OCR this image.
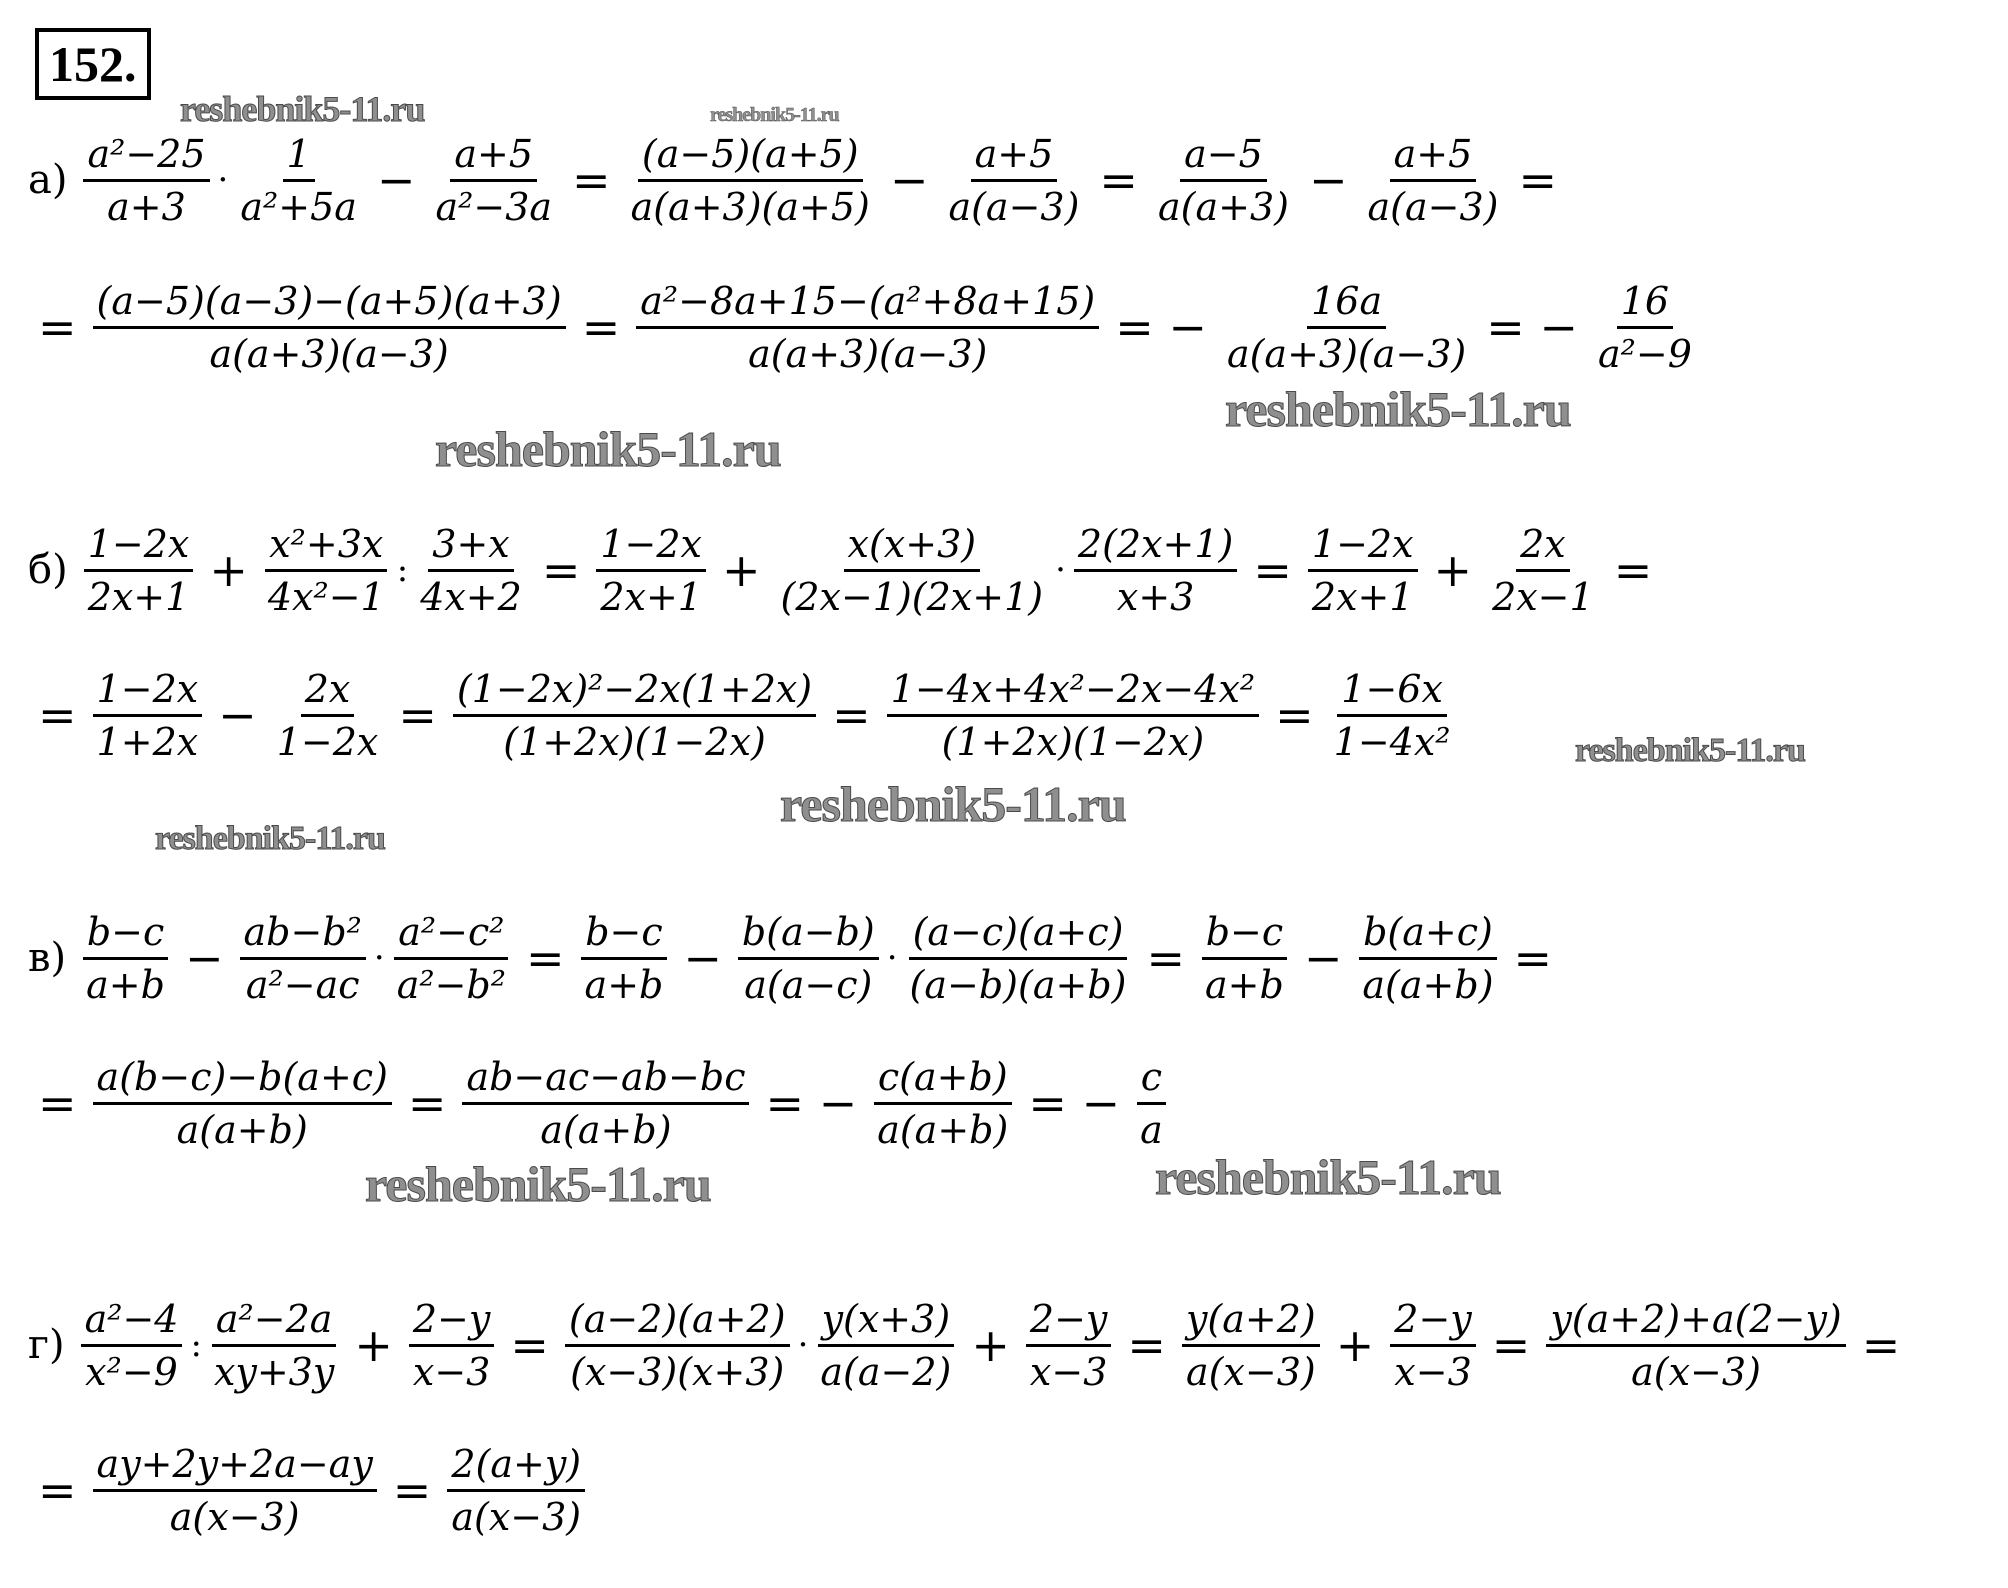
152.
reshebnik5-11.ru	reshebnik5-11.ru
reshebnik5-11.ru
reshebnik5-11.ru
reshebnik5-11.ru
reshebnik5-11.ru
reshebnik5-11.ru
reshebnik5-11.ru	reshebnik5-11.ru
$а) \frac{\text{a²−25}}{a+3} \cdot \frac{1}{\text{a²+5a}} - \frac{a+5}{\text{a²−3a}} = \frac{(a-5)(a+5)}{a(a+3)(a+5)} - \frac{a+5}{a(a-3)} = \frac{a-5}{a(a+3)} - \frac{a+5}{a(a-3)}$ =
= $\frac{(a-5)(a-3)-(a+5)(a+3)}{a(a+3)(a-3)} = \frac{\text{a²−8a+15−(a²+8a+15)}}{a(a+3)(a-3)}$ = − $\frac{16a}{a(a+3)(a-3)}$ = − $\frac{16}{\text{a²−9}}$
$б) \frac{1-2x}{2x+1} + \frac{\text{x²+3x}}{\text{4x²−1}}$ : $\frac{3+x}{4x+2} = \frac{1-2x}{2x+1} + \frac{x(x+3)}{(2x-1)(2x+1)} \cdot \frac{2(2x+1)}{x+3} = \frac{1-2x}{2x+1} + \frac{2x}{2x-1}$ =
= $\frac{1-2x}{1+2x} - \frac{2x}{1-2x} = \frac{\text{(1−2x)²−2x(1+2x)}}{(1+2x)(1-2x)} = \frac{\text{1−4x+4x²−2x−4x²}}{(1+2x)(1-2x)} = \frac{1-6x}{\text{1−4x²}}$
$в) \frac{b-c}{a+b} - \frac{\text{ab−b²}}{\text{a²−ac}} \cdot \frac{\text{a²−c²}}{\text{a²−b²}} = \frac{b-c}{a+b} - \frac{b(a-b)}{a(a-c)} \cdot \frac{(a-c)(a+c)}{(a-b)(a+b)} = \frac{b-c}{a+b} - \frac{b(a+c)}{a(a+b)}$ =
= $\frac{a(b-c)-b(a+c)}{a(a+b)} = \frac{ab-ac-ab-bc}{a(a+b)}$ = − $\frac{c(a+b)}{a(a+b)}$ = − $\frac{c}{a}$
$г) \frac{\text{a²−4}}{\text{x²−9}}$ : $\frac{\text{a²−2a}}{xy+3y} + \frac{2-y}{x-3} = \frac{(a-2)(a+2)}{(x-3)(x+3)} \cdot \frac{y(x+3)}{a(a-2)} + \frac{2-y}{x-3} = \frac{y(a+2)}{a(x-3)} + \frac{2-y}{x-3} = \frac{y(a+2)+a(2-y)}{a(x-3)}$ =
= $\frac{ay+2y+2a-ay}{a(x-3)} = \frac{2(a+y)}{a(x-3)}$
